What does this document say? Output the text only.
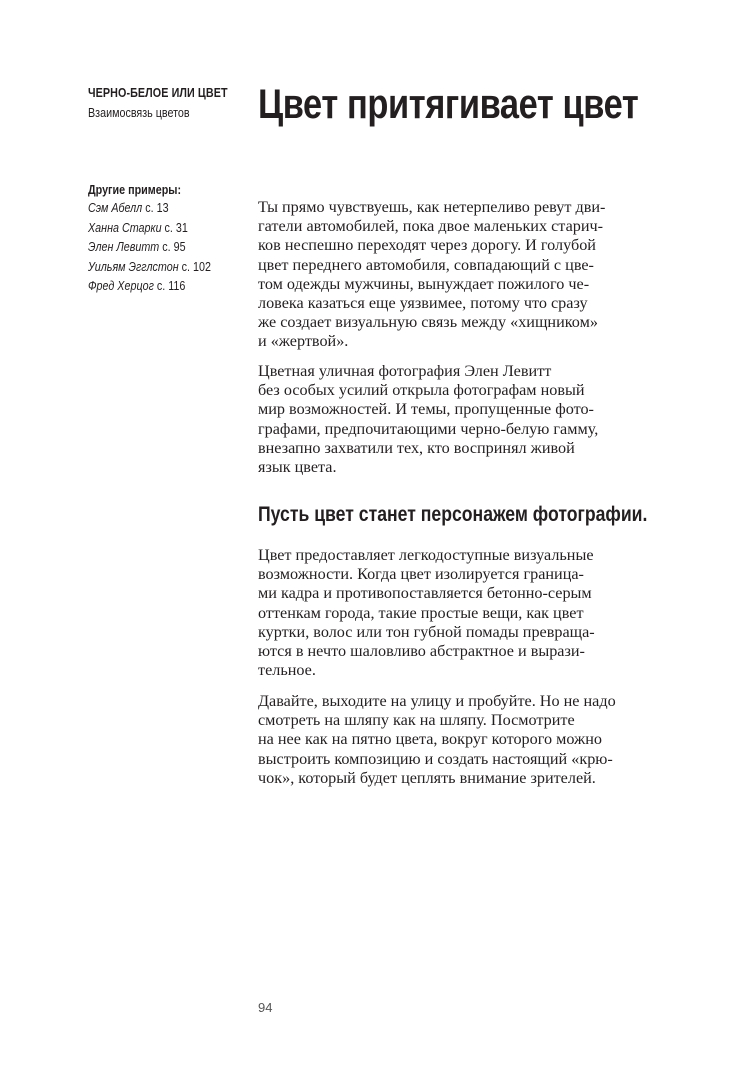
ЧЕРНО-БЕЛОЕ ИЛИ ЦВЕТ
Взаимосвязь цветов
Другие примеры:
Сэм Абелл с. 13
Ханна Старки с. 31
Элен Левитт с. 95
Уильям Эгглстон с. 102
Фред Херцог с. 116
Цвет притягивает цвет

Ты прямо чувствуешь, как нетерпеливо ревут дви-
гатели автомобилей, пока двое маленьких старич-
ков неспешно переходят через дорогу. И голубой
цвет переднего автомобиля, совпадающий с цве-
том одежды мужчины, вынуждает пожилого че-
ловека казаться еще уязвимее, потому что сразу
же создает визуальную связь между «хищником»
и «жертвой».

Цветная уличная фотография Элен Левитт
без особых усилий открыла фотографам новый
мир возможностей. И темы, пропущенные фото-
графами, предпочитающими черно-белую гамму,
внезапно захватили тех, кто воспринял живой
язык цвета.

Пусть цвет станет персонажем фотографии.

Цвет предоставляет легкодоступные визуальные
возможности. Когда цвет изолируется границa-
ми кадра и противопоставляется бетонно-серым
оттенкам города, такие простые вещи, как цвет
куртки, волос или тон губной помады превраща-
ются в нечто шаловливо абстрактное и вырази-
тельное.

Давайте, выходите на улицу и пробуйте. Но не надо
смотреть на шляпу как на шляпу. Посмотрите
на нее как на пятно цвета, вокруг которого можно
выстроить композицию и создать настоящий «крю-
чок», который будет цеплять внимание зрителей.

94
